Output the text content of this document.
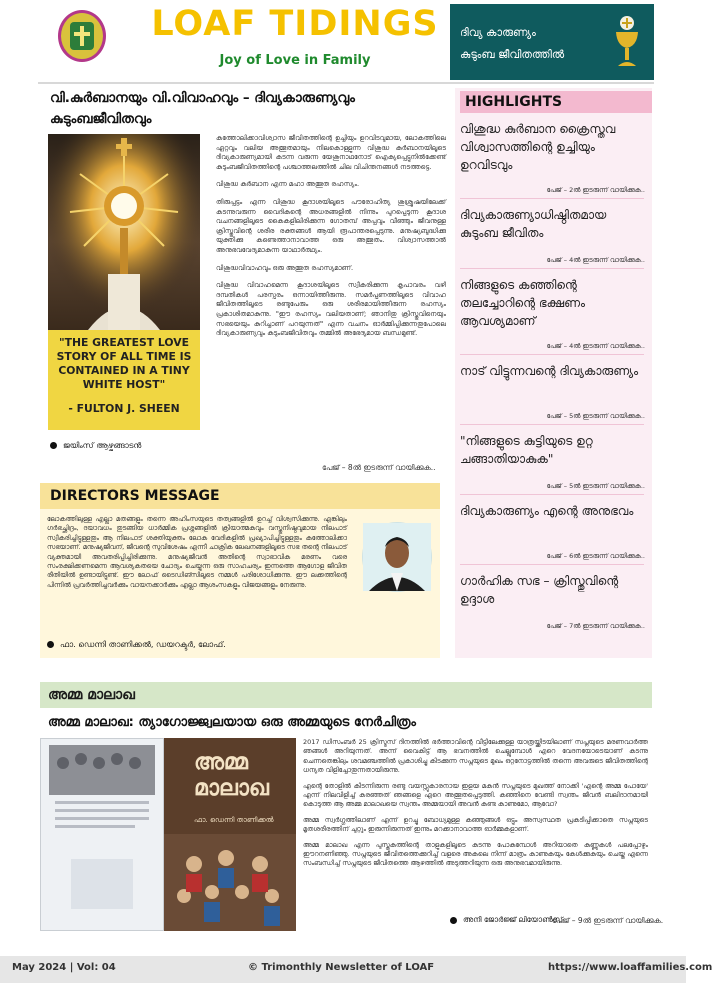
LOAF TIDINGS
Joy of Love in Family
ദിവ്യ കാരുണ്യം
കുടുംബ ജീവിതത്തിൽ
വി.കുർബാനയും വി.വിവാഹവും – ദിവ്യകാരുണ്യവും
കുടുംബജീവിതവും
"THE GREATEST LOVE STORY OF ALL TIME IS CONTAINED IN A TINY WHITE HOST"
- FULTON J. SHEEN
ജയിംസ് ആഴ്ചങ്ങാടൻ

കത്തോലിക്കാവിശ്വാസ ജീവിതത്തിന്റെ ഉച്ചിയും ഉറവിടവുമായ, ലോകത്തിലെ ഏറ്റവും വലിയ അത്ഭുതമായും നിലകൊള്ളുന്ന വിശുദ്ധ കുർബാനയിലൂടെ ദിവ്യകാരുണ്യമായി കടന്ന വരുന്ന യേശുനാഥനോട് ഐക്യപ്പെട്ടുനിൽക്കേണ്ട് കുടുംബജീവിതത്തിന്റെ പശ്ചാത്തലത്തിൽ ചില വിചിന്തനങ്ങൾ നടത്തട്ടെ.

വിശുദ്ധ കുർബാന എന്ന മഹാ അത്ഭുത രഹസ്യം.

തിരുപ്പട്ടം എന്ന വിശുദ്ധ കൂദാശയിലൂടെ പൗരോഹിത്യ ശുശ്രൂഷയിലേക്ക് കടന്നുവരുന്ന വൈദികന്റെ അധരങ്ങളിൽ നിന്നും പുറപ്പെടുന്ന കൂദാശ വചനങ്ങളിലൂടെ കൈകളിലിരിക്കുന്ന ഗോതമ്പ് അപ്പവും വീഞ്ഞും ജീവനുള്ള ക്രിസ്തുവിന്റെ ശരീര രക്തങ്ങൾ ആയി രൂപാന്തരപ്പെടുന്നു. മനുഷ്യബുദ്ധിക്കു യുക്തിക്കു കണ്ടെത്താനാവാത്ത ഒരു അത്ഭുതം. വിശ്വാസത്താൽ അനുഭവവേദ്യമാകുന്ന യാഥാർത്ഥ്യം.

വിശുദ്ധവിവാഹവും ഒരു അത്ഭുത രഹസ്യമാണ്.

വിശുദ്ധ വിവാഹമെന്ന കൂദാശയിലൂടെ സ്വീകരിക്കുന്ന കൃപാവരം വഴി ദമ്പതികൾ പരസ്പരം ഒന്നായിത്തീരുന്നു. സമർപ്പണത്തിലൂടെ വിവാഹ ജീവിതത്തിലൂടെ രണ്ടുപേരും ഒരു ശരീരമായിത്തീരുന്ന രഹസ്യം പ്രകാശിതമാകുന്നു. "ഈ രഹസ്യം വലിയതാണ്; ഞാനിതു ക്രിസ്തുവിനെയും സഭയെയും കുറിച്ചാണ് പറയുന്നത്" എന്ന വചനം ഓർമ്മിപ്പിക്കുന്നതുപോലെ ദിവ്യകാരുണ്യവും കുടുംബജീവിതവും തമ്മിൽ അഭേദ്യമായ ബന്ധമുണ്ട്.

പേജ് – 8ൽ ഇടരുന്ന് വായിക്കുക..
HIGHLIGHTS
വിശുദ്ധ കുർബാന ക്രൈസ്തവ വിശ്വാസത്തിന്റെ ഉച്ചിയും ഉറവിടവും
പേജ് – 2ൽ ഇടരുന്ന് വായിക്കുക..
ദിവ്യകാരുണ്യാധിഷ്ഠിതമായ കുടുംബ ജീവിതം
പേജ് – 4ൽ ഇടരുന്ന് വായിക്കുക..
നിങ്ങളുടെ കഞ്ഞിന്റെ തലച്ചോറിന്റെ ഭക്ഷണം ആവശ്യമാണ്
പേജ് – 4ൽ ഇടരുന്ന് വായിക്കുക..
നാട് വിട്ടുന്നവന്റെ ദിവ്യകാരുണ്യം
പേജ് – 5ൽ ഇടരുന്ന് വായിക്കുക..
"നിങ്ങളുടെ കുട്ടിയുടെ ഉറ്റ ചങ്ങാതിയാകുക"
പേജ് – 5ൽ ഇടരുന്ന് വായിക്കുക..
ദിവ്യകാരുണ്യം എന്റെ അനുഭവം
പേജ് – 6ൽ ഇടരുന്ന് വായിക്കുക..
ഗാർഹിക സഭ – ക്രിസ്തുവിന്റെ ഉദ്ദാശ
പേജ് – 7ൽ ഇടരുന്ന് വായിക്കുക..
DIRECTORS MESSAGE
ലോകത്തിലുള്ള എല്ലാ മതങ്ങളും തന്നെ അഹിംസയുടെ തത്വങ്ങളിൽ ഉറച്ച് വിശ്വസിക്കുന്നു. എങ്കിലും ഗർഭച്ഛിദ്രം, ദയാവധം തുടങ്ങിയ ധാർമ്മിക പ്രശ്നങ്ങളിൽ ക്രിയാത്മകവും വസ്തുനിഷ്ഠവുമായ നിലപാട് സ്വീകരിച്ചിട്ടുള്ളതും ആ നിലപാട് ശക്തിയുക്തം ലോക വേദികളിൽ പ്രഖ്യാപിച്ചിട്ടുള്ളതും കത്തോലിക്കാ സഭയാണ്. മനുഷ്യജീവന്, ജീവന്റെ സുവിശേഷം എന്നീ ചാക്രിക ലേഖനങ്ങളിലൂടെ സഭ തന്റെ നിലപാട് വ്യക്തമായി അവതരിപ്പിച്ചിരിക്കുന്നു. മനുഷ്യജീവൻ അതിന്റെ സ്വാഭാവിക മരണം വരെ സംരക്ഷിക്കണമെന്ന ആവശ്യകതയെ ചോദ്യം ചെയ്യുന്ന ഒരു സാഹചര്യം ഇന്നത്തെ ആഗോള ജീവിത രീതിയിൽ ഉണ്ടായിട്ടുണ്ട്. ഈ ലോഫ് ടൈഡിങ്സിലൂടെ നമ്മൾ പരിശോധിക്കുന്നു. ഈ ലക്കത്തിന്റെ പിന്നിൽ പ്രവർത്തിച്ചവർക്കും വായനക്കാർക്കും എല്ലാ ആശംസകളും വിജയങ്ങളും നേരുന്നു.
ഫാ. ഡെന്നി താണിക്കൽ, ഡയറക്ടർ, ലോഫ്.
അമ്മ മാലാഖ
അമ്മ മാലാഖ: ത്യാഗോജ്ജ്വലയായ ഒരു അമ്മയുടെ നേർചിത്രം
അമ്മ മാലാഖ
ഫാ. ഡെന്നി താണിക്കൽ

2017 ഡിസംബർ 25 ക്രിസ്മസ് ദിനത്തിൽ ഭർത്താവിന്റെ വീട്ടിലേക്കുള്ള യാത്രയ്ക്കിടയിലാണ് സപ്നയുടെ മരണവാർത്ത ഞങ്ങൾ അറിയുന്നത്. അന്ന് വൈകിട്ട് ആ ഭവനത്തിൽ ചെല്ലുമ്പോൾ എറെ വേദനയോടെയാണ് കടന്നു ചെന്നതെങ്കിലും ശവമഞ്ചത്തിൽ പ്രകാശിച്ചു കിടക്കുന്ന സപ്നയുടെ മുഖം ഒറ്റനോട്ടത്തിൽ തന്നെ അവരുടെ ജീവിതത്തിന്റെ ധന്യത വിളിച്ചോതുന്നതായിരുന്നു.

എന്റെ തോളിൽ കിടന്നിരുന്ന രണ്ടു വയസ്സുകാരനായ ഇളയ മകൻ സപ്നയുടെ മുഖത്ത് നോക്കി 'എന്റെ അമ്മ പോയേ' എന്ന് നിലവിളിച്ച് കരഞ്ഞത് ഞങ്ങളെ എറെ അത്ഭുതപ്പെടുത്തി. കഞ്ഞിനെ വേണ്ടി സ്വന്തം ജീവൻ ബലിദാനമായി കൊടുത്ത ആ അമ്മ മാലാഖയെ സ്വന്തം അമ്മയായി അവൻ കണ്ട കാണുമോ, ആവോ?

അമ്മ സ്വർഗ്ഗത്തിലാണ് എന്ന് ഉറച്ചു ബോധ്യമുള്ള കഞ്ഞുങ്ങൾ ഒട്ടും അസ്വസ്ഥത പ്രകടിപ്പിക്കാതെ സപ്നയുടെ മൃതശരീരത്തിന് ചുറ്റും ഇരുന്നിരുന്നത് ഇന്നും മറക്കാനാവാത്ത ഓർമ്മകളാണ്.

അമ്മ മാലാഖ എന്ന പുസ്തകത്തിന്റെ താളുകളിലൂടെ കടന്നു പോകുമ്പോൾ അറിയാതെ കണ്ണുകൾ പലപ്പോഴും ഈറനണിഞ്ഞു. സപ്നയുടെ ജീവിതത്തെക്കുറിച്ച് വളരെ അകലെ നിന്ന് മാത്രം കാണുകയും കേൾക്കുകയും ചെയ്ത എന്നെ സംബന്ധിച്ച് സപ്നയുടെ ജീവിതത്തെ ആഴത്തിൽ അടുത്തറിയുന്ന ഒരു അനുഭവമായിരുന്നു.

അനി ജോർജ്ജ് ലിയോൺസ്
പേജ് – 9ൽ ഇടരുന്ന് വായിക്കുക.
May 2024 | Vol: 04	© Trimonthly Newsletter of LOAF	https://www.loaffamilies.com
